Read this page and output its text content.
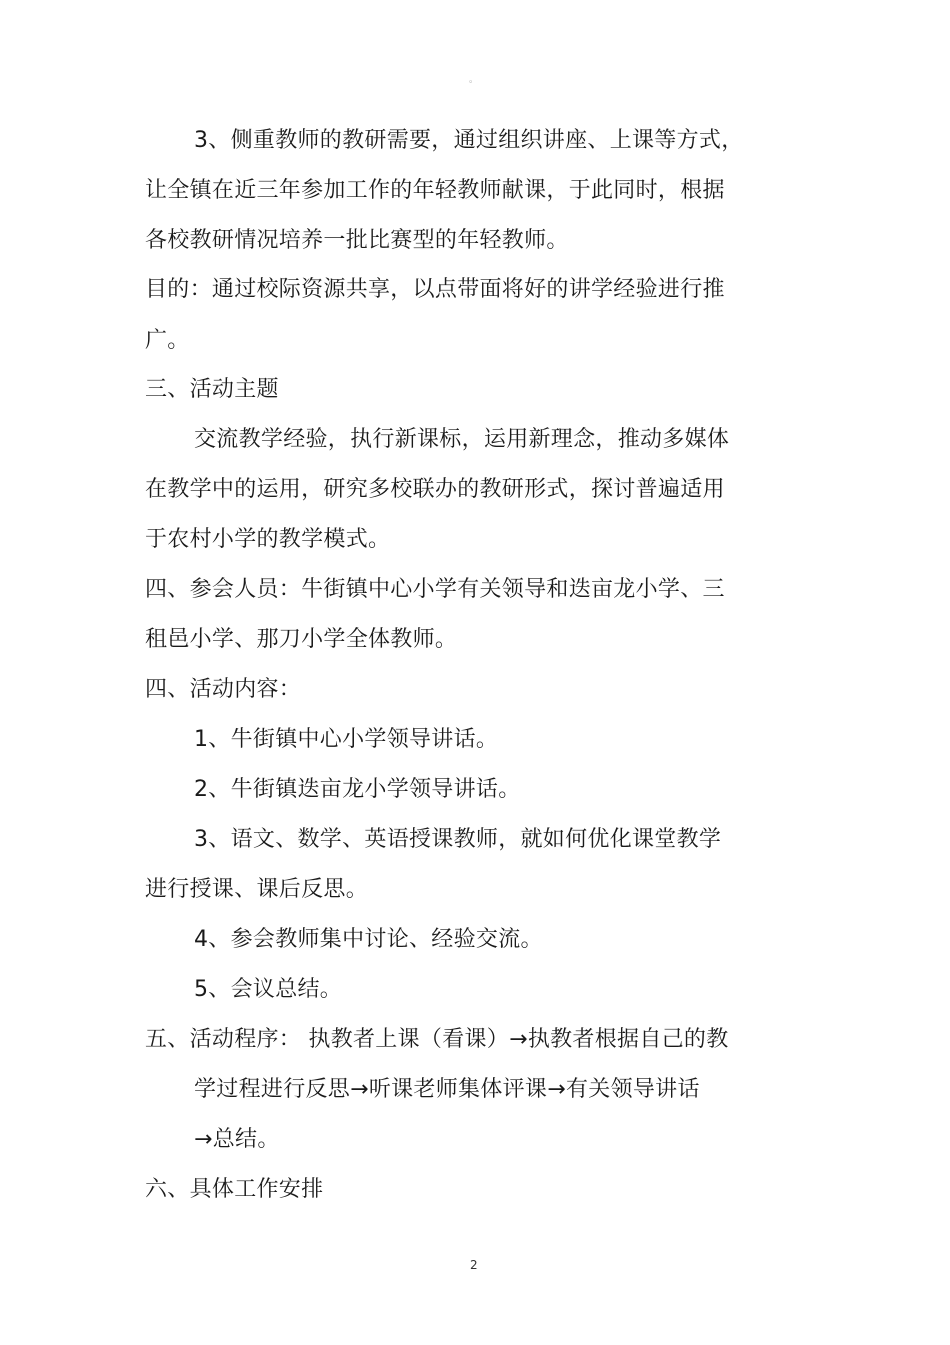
。
3、侧重教师的教研需要，通过组织讲座、上课等方式，
让全镇在近三年参加工作的年轻教师献课，于此同时，根据
各校教研情况培养一批比赛型的年轻教师。
目的：通过校际资源共享，以点带面将好的讲学经验进行推
广。
三、活动主题
交流教学经验，执行新课标，运用新理念，推动多媒体
在教学中的运用，研究多校联办的教研形式，探讨普遍适用
于农村小学的教学模式。
四、参会人员：牛街镇中心小学有关领导和迭亩龙小学、三
租邑小学、那刀小学全体教师。
四、活动内容：
1、牛街镇中心小学领导讲话。
2、牛街镇迭亩龙小学领导讲话。
3、语文、数学、英语授课教师，就如何优化课堂教学
进行授课、课后反思。
4、参会教师集中讨论、经验交流。
5、会议总结。
五、活动程序： 执教者上课（看课）→执教者根据自己的教
学过程进行反思→听课老师集体评课→有关领导讲话
→总结。
六、具体工作安排
2
